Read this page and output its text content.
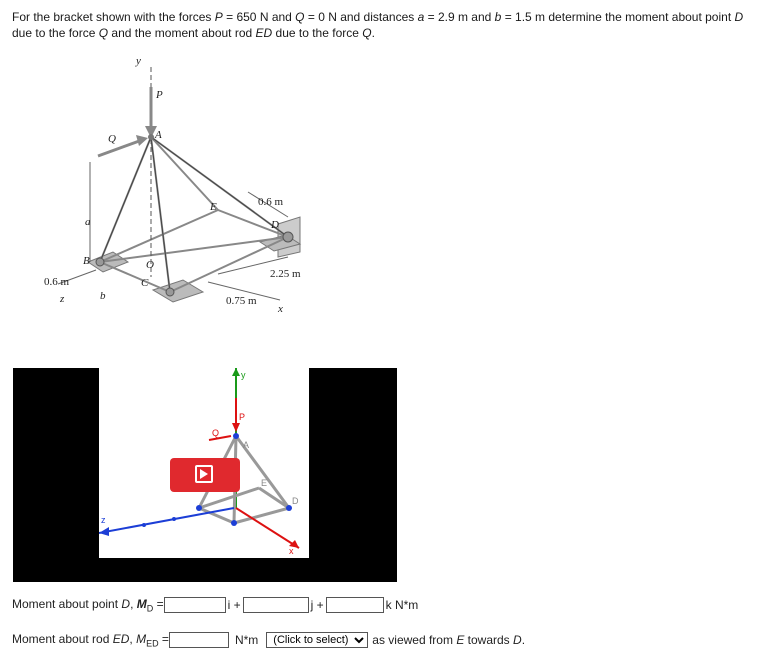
For the bracket shown with the forces P = 650 N and Q = 0 N and distances a = 2.9 m and b = 1.5 m determine the moment about point D due to the force Q and the moment about rod ED due to the force Q.
y
P
Q	A
E
D
a
B	O
C
b
z
x
0.6 m
0.6 m
2.25 m
0.75 m
y
P
Q
A
E
D
z
x
Moment about point D, $M_D$ =	i +	j +	k N*m
Moment about rod ED, $M_{ED}$ =	N*m
(Click to select)	as viewed from E towards D.
